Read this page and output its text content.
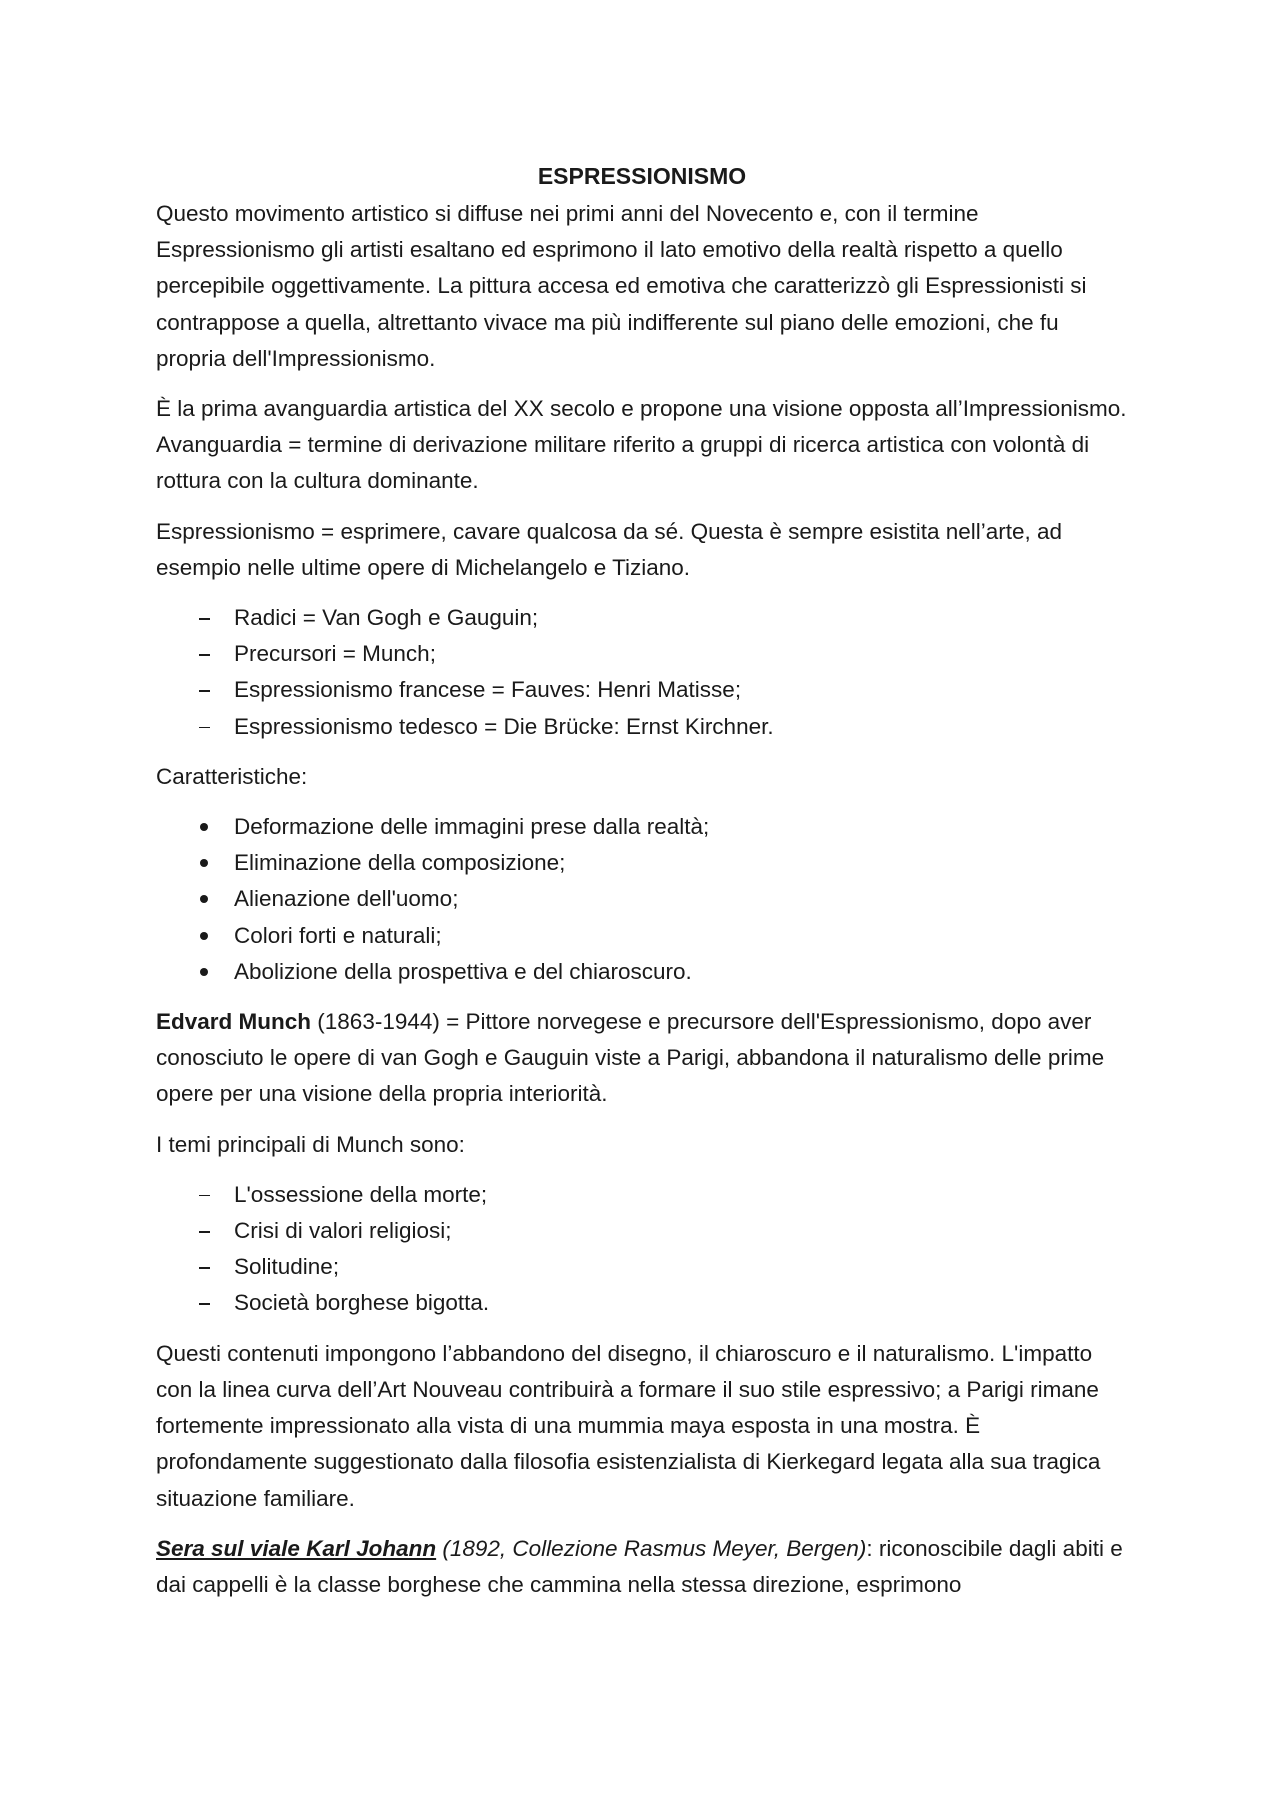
ESPRESSIONISMO

Questo movimento artistico si diffuse nei primi anni del Novecento e, con il termine Espressionismo gli artisti esaltano ed esprimono il lato emotivo della realtà rispetto a quello percepibile oggettivamente. La pittura accesa ed emotiva che caratterizzò gli Espressionisti si contrappose a quella, altrettanto vivace ma più indifferente sul piano delle emozioni, che fu propria dell'Impressionismo.

È la prima avanguardia artistica del XX secolo e propone una visione opposta all’Impressionismo. Avanguardia = termine di derivazione militare riferito a gruppi di ricerca artistica con volontà di rottura con la cultura dominante.

Espressionismo = esprimere, cavare qualcosa da sé. Questa è sempre esistita nell’arte, ad esempio nelle ultime opere di Michelangelo e Tiziano.

Radici = Van Gogh e Gauguin;
Precursori = Munch;
Espressionismo francese = Fauves: Henri Matisse;
Espressionismo tedesco = Die Brücke: Ernst Kirchner.

Caratteristiche:

Deformazione delle immagini prese dalla realtà;
Eliminazione della composizione;
Alienazione dell'uomo;
Colori forti e naturali;
Abolizione della prospettiva e del chiaroscuro.

Edvard Munch (1863-1944) = Pittore norvegese e precursore dell'Espressionismo, dopo aver conosciuto le opere di van Gogh e Gauguin viste a Parigi, abbandona il naturalismo delle prime opere per una visione della propria interiorità.

I temi principali di Munch sono:

L'ossessione della morte;
Crisi di valori religiosi;
Solitudine;
Società borghese bigotta.

Questi contenuti impongono l’abbandono del disegno, il chiaroscuro e il naturalismo. L'impatto con la linea curva dell’Art Nouveau contribuirà a formare il suo stile espressivo; a Parigi rimane fortemente impressionato alla vista di una mummia maya esposta in una mostra. È profondamente suggestionato dalla filosofia esistenzialista di Kierkegard legata alla sua tragica situazione familiare.

Sera sul viale Karl Johann (1892, Collezione Rasmus Meyer, Bergen): riconoscibile dagli abiti e dai cappelli è la classe borghese che cammina nella stessa direzione, esprimono
